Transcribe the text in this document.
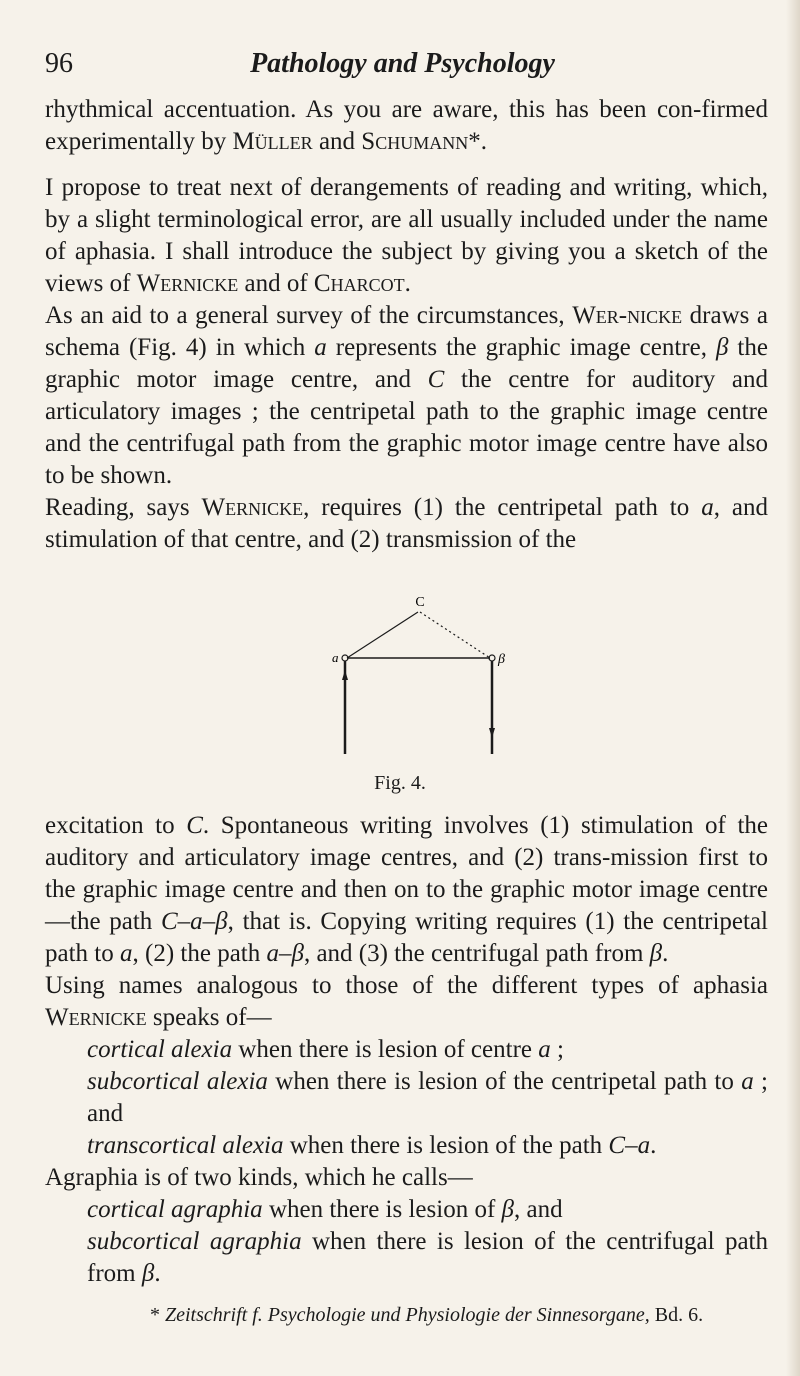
96	Pathology and Psychology

rhythmical accentuation. As you are aware, this has been con-firmed experimentally by Müller and Schumann*.

I propose to treat next of derangements of reading and writing, which, by a slight terminological error, are all usually included under the name of aphasia. I shall introduce the subject by giving you a sketch of the views of Wernicke and of Charcot.

As an aid to a general survey of the circumstances, Wer-nicke draws a schema (Fig. 4) in which a represents the graphic image centre, β the graphic motor image centre, and C the centre for auditory and articulatory images ; the centripetal path to the graphic image centre and the centrifugal path from the graphic motor image centre have also to be shown.

Reading, says Wernicke, requires (1) the centripetal path to a, and stimulation of that centre, and (2) transmission of the

C
a	β
Fig. 4.

excitation to C. Spontaneous writing involves (1) stimulation of the auditory and articulatory image centres, and (2) trans-mission first to the graphic image centre and then on to the graphic motor image centre—the path C–a–β, that is. Copying writing requires (1) the centripetal path to a, (2) the path a–β, and (3) the centrifugal path from β.

Using names analogous to those of the different types of aphasia Wernicke speaks of—

cortical alexia when there is lesion of centre a ;

subcortical alexia when there is lesion of the centripetal path to a ; and

transcortical alexia when there is lesion of the path C–a.

Agraphia is of two kinds, which he calls—

cortical agraphia when there is lesion of β, and

subcortical agraphia when there is lesion of the centrifugal path from β.

* Zeitschrift f. Psychologie und Physiologie der Sinnesorgane, Bd. 6.
